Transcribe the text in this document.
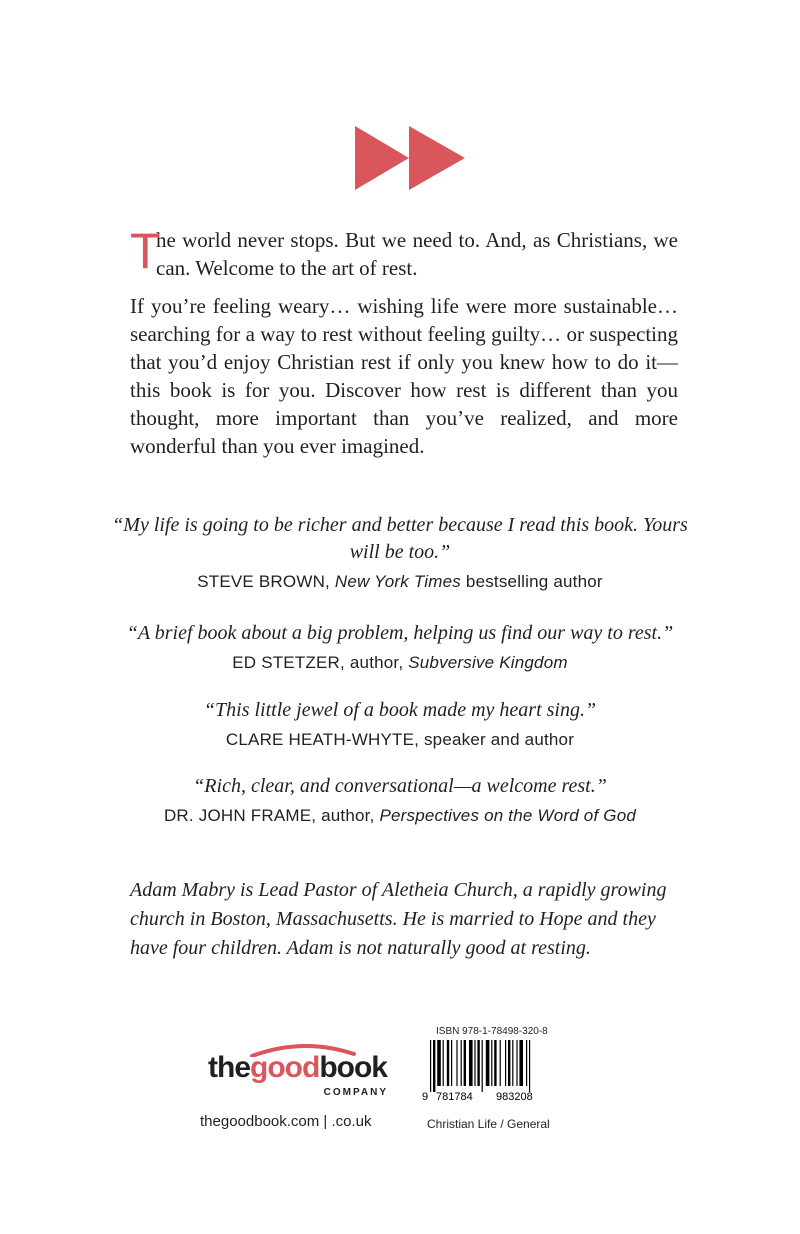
T
he world never stops. But we need to. And, as Christians, we can. Welcome to the art of rest.

If you’re feeling weary… wishing life were more sustainable… searching for a way to rest without feeling guilty… or suspecting that you’d enjoy Christian rest if only you knew how to do it—this book is for you. Discover how rest is different than you thought, more important than you’ve realized, and more wonderful than you ever imagined.

“My life is going to be richer and better because I read this book. Yours will be too.”
STEVE BROWN, New York Times bestselling author
“A brief book about a big problem, helping us find our way to rest.”
ED STETZER, author, Subversive Kingdom
“This little jewel of a book made my heart sing.”
CLARE HEATH-WHYTE, speaker and author
“Rich, clear, and conversational—a welcome rest.”
DR. JOHN FRAME, author, Perspectives on the Word of God

Adam Mabry is Lead Pastor of Aletheia Church, a rapidly growing church in Boston, Massachusetts. He is married to Hope and they have four children. Adam is not naturally good at resting.

thegoodbook
COMPANY
thegoodbook.com | .co.uk
ISBN 978-1-78498-320-8
9 781784 983208
Christian Life / General
